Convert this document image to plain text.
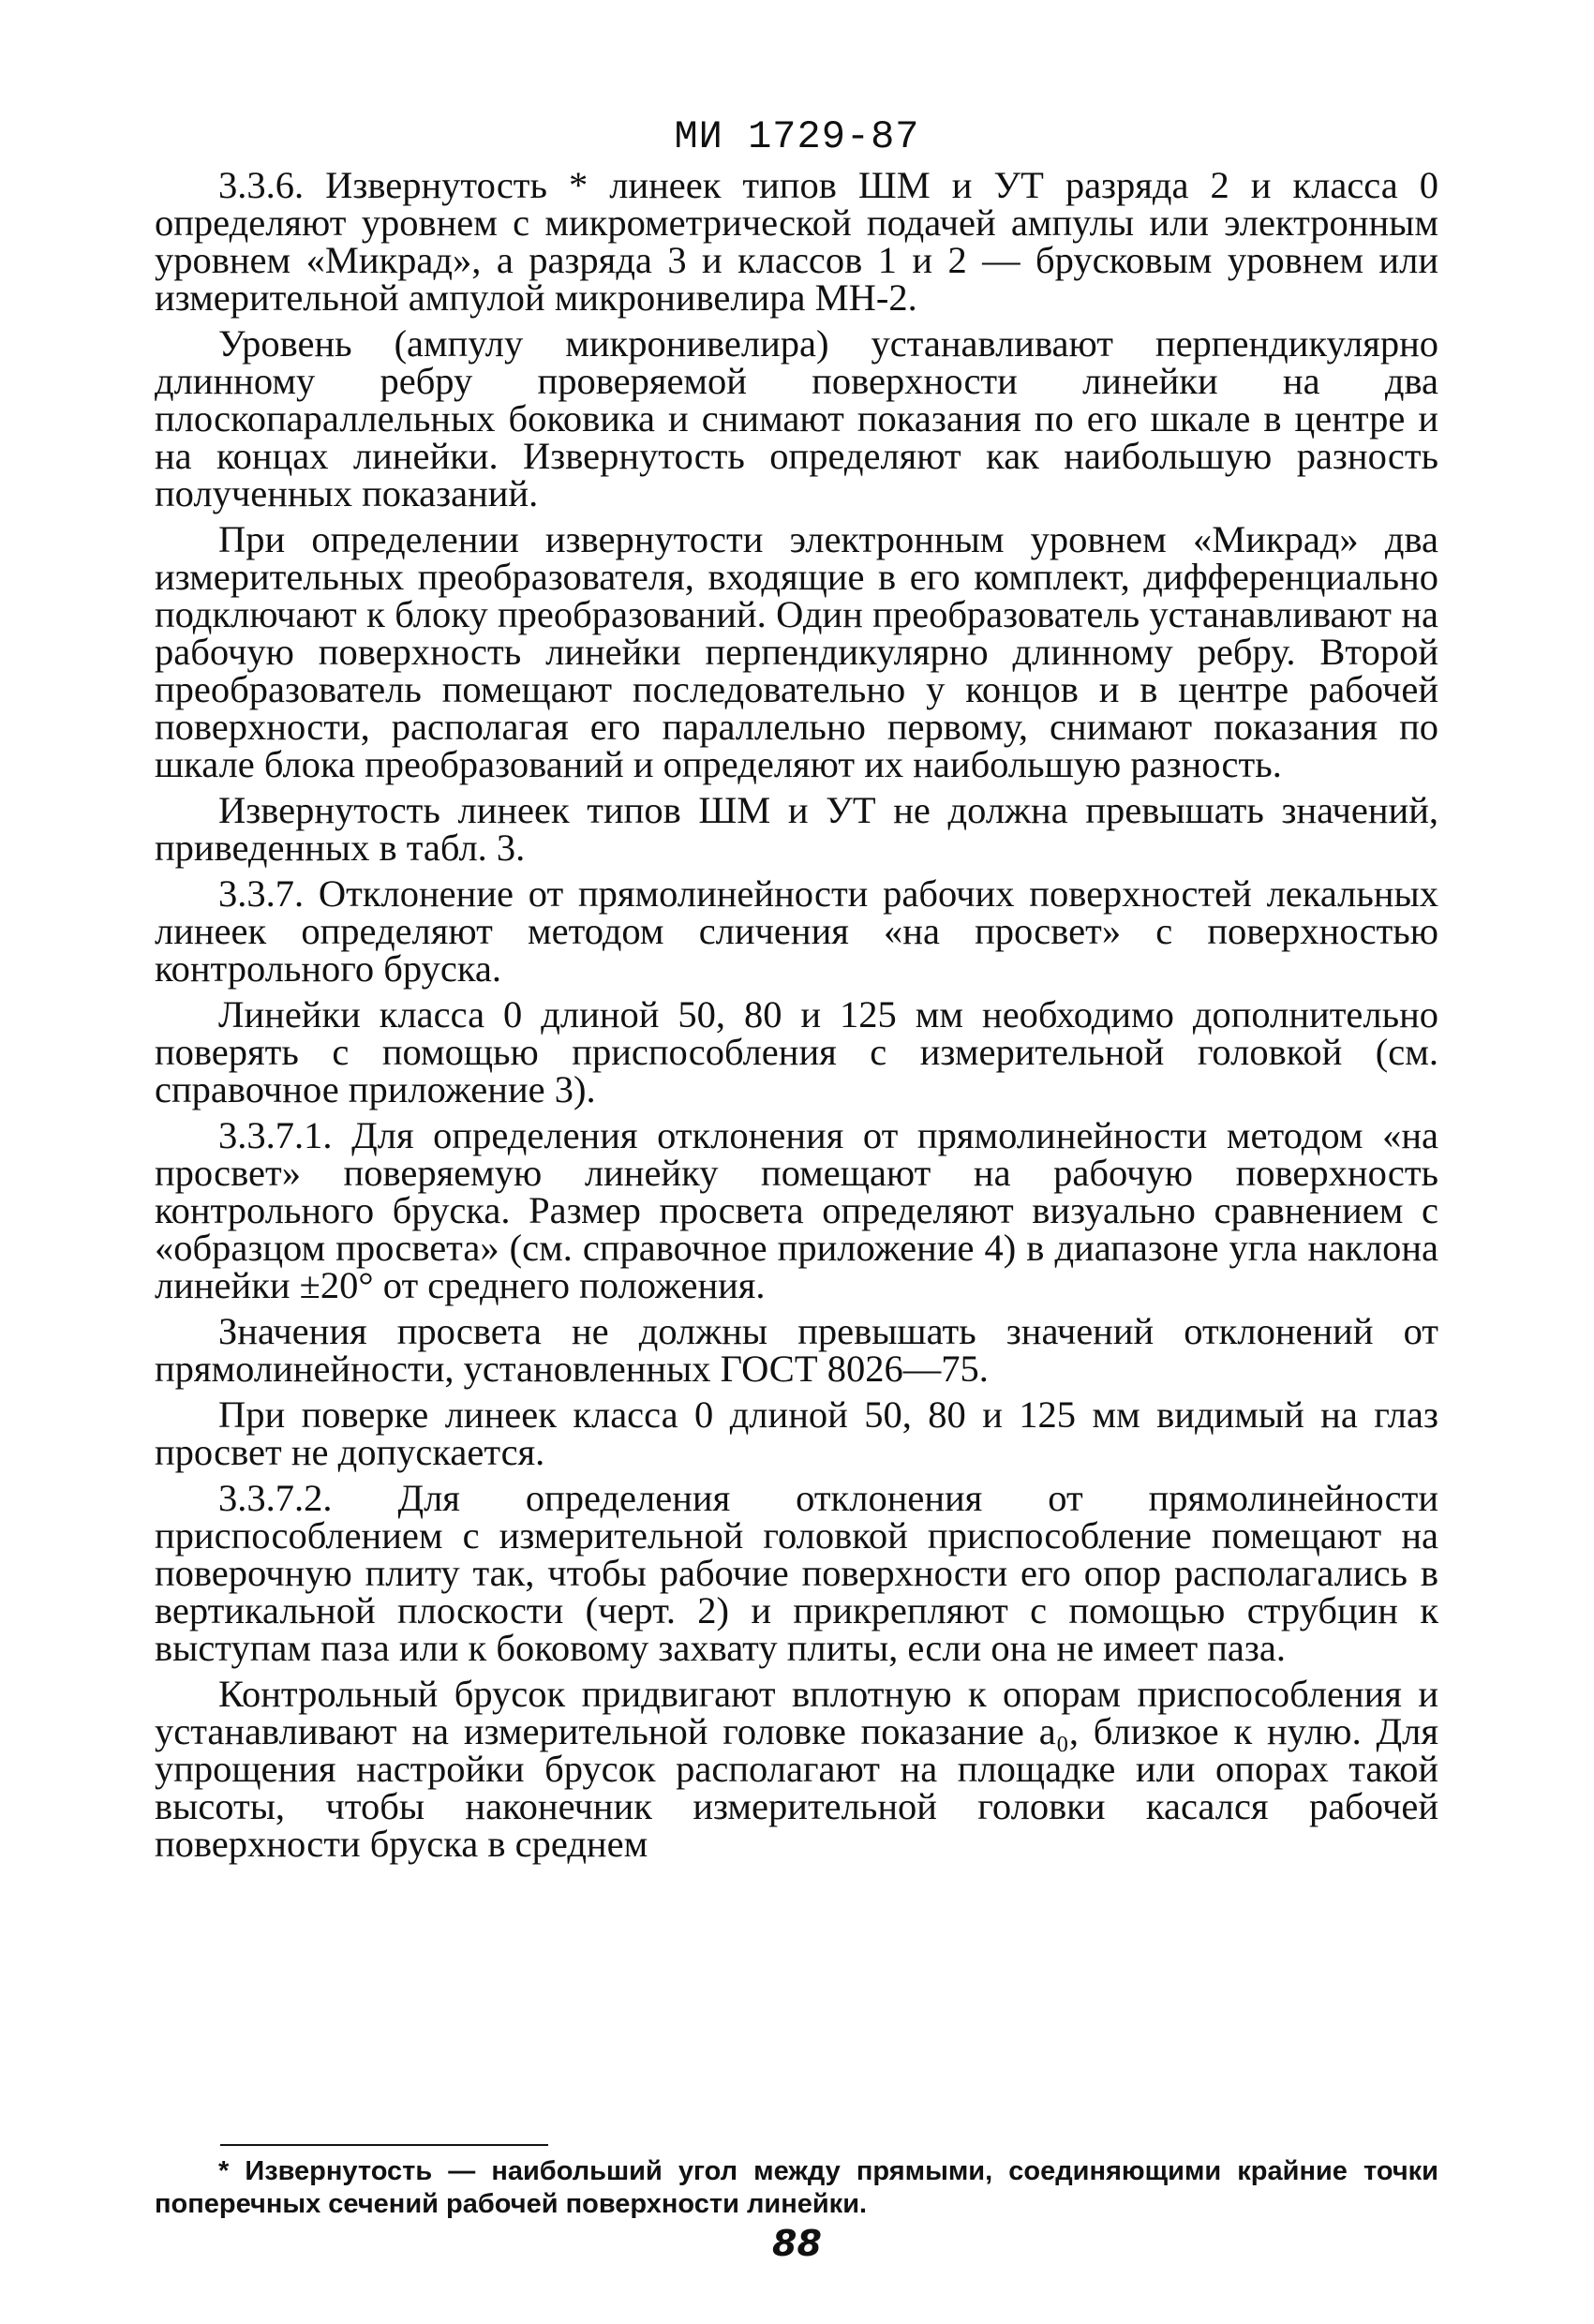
МИ 1729-87

3.3.6. Извернутость * линеек типов ШМ и УТ разряда 2 и класса 0 определяют уровнем с микрометрической подачей ампулы или электронным уровнем «Микрад», а разряда 3 и классов 1 и 2 — брусковым уровнем или измерительной ампулой микронивелира МН-2.

Уровень (ампулу микронивелира) устанавливают перпендикулярно длинному ребру проверяемой поверхности линейки на два плоскопараллельных боковика и снимают показания по его шкале в центре и на концах линейки. Извернутость определяют как наибольшую разность полученных показаний.

При определении извернутости электронным уровнем «Микрад» два измерительных преобразователя, входящие в его комплект, дифференциально подключают к блоку преобразований. Один преобразователь устанавливают на рабочую поверхность линейки перпендикулярно длинному ребру. Второй преобразователь помещают последовательно у концов и в центре рабочей поверхности, располагая его параллельно первому, снимают показания по шкале блока преобразований и определяют их наибольшую разность.

Извернутость линеек типов ШМ и УТ не должна превышать значений, приведенных в табл. 3.

3.3.7. Отклонение от прямолинейности рабочих поверхностей лекальных линеек определяют методом сличения «на просвет» с поверхностью контрольного бруска.

Линейки класса 0 длиной 50, 80 и 125 мм необходимо дополнительно поверять с помощью приспособления с измерительной головкой (см. справочное приложение 3).

3.3.7.1. Для определения отклонения от прямолинейности методом «на просвет» поверяемую линейку помещают на рабочую поверхность контрольного бруска. Размер просвета определяют визуально сравнением с «образцом просвета» (см. справочное приложение 4) в диапазоне угла наклона линейки ±20° от среднего положения.

Значения просвета не должны превышать значений отклонений от прямолинейности, установленных ГОСТ 8026—75.

При поверке линеек класса 0 длиной 50, 80 и 125 мм видимый на глаз просвет не допускается.

3.3.7.2. Для определения отклонения от прямолинейности приспособлением с измерительной головкой приспособление помещают на поверочную плиту так, чтобы рабочие поверхности его опор располагались в вертикальной плоскости (черт. 2) и прикрепляют с помощью струбцин к выступам паза или к боковому захвату плиты, если она не имеет паза.

Контрольный брусок придвигают вплотную к опорам приспособления и устанавливают на измерительной головке показание a₀, близкое к нулю. Для упрощения настройки брусок располагают на площадке или опорах такой высоты, чтобы наконечник измерительной головки касался рабочей поверхности бруска в среднем

* Извернутость — наибольший угол между прямыми, соединяющими крайние точки поперечных сечений рабочей поверхности линейки.
88
